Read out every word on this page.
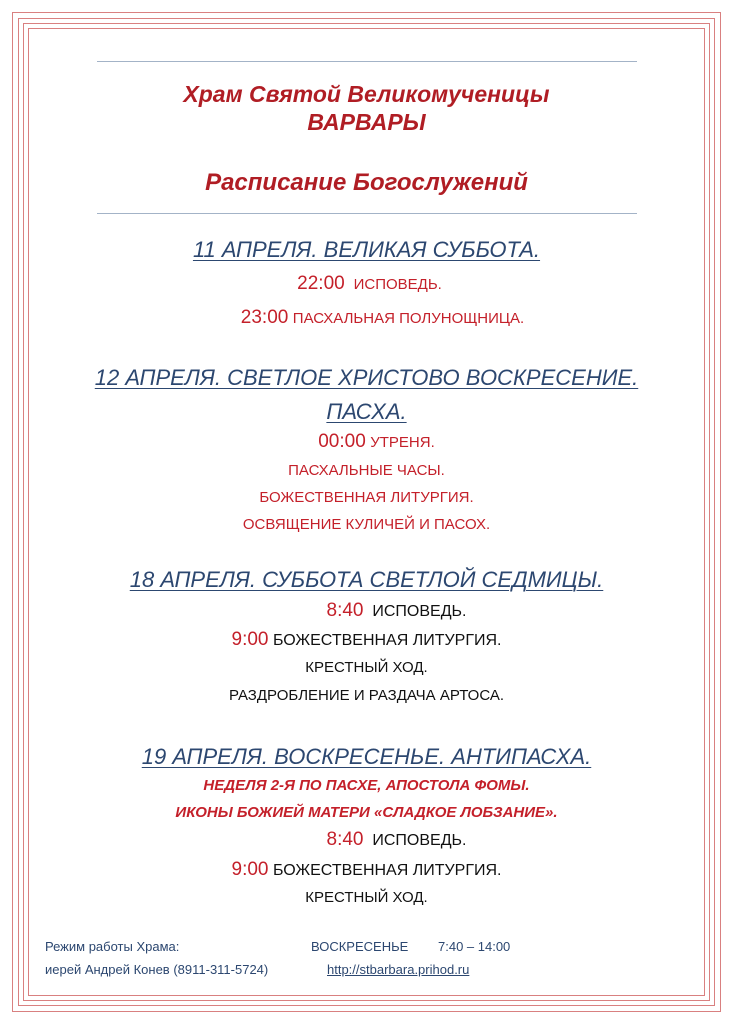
Храм Святой Великомученицы
ВАРВАРЫ
Расписание Богослужений
11 АПРЕЛЯ. ВЕЛИКАЯ СУББОТА.
22:00 ИСПОВЕДЬ.
23:00 ПАСХАЛЬНАЯ ПОЛУНОЩНИЦА.
12 АПРЕЛЯ. СВЕТЛОЕ ХРИСТОВО ВОСКРЕСЕНИЕ.
ПАСХА.
00:00 УТРЕНЯ.
ПАСХАЛЬНЫЕ ЧАСЫ.
БОЖЕСТВЕННАЯ ЛИТУРГИЯ.
ОСВЯЩЕНИЕ КУЛИЧЕЙ И ПАСОХ.
18 АПРЕЛЯ. СУББОТА СВЕТЛОЙ СЕДМИЦЫ.
8:40 ИСПОВЕДЬ.
9:00 БОЖЕСТВЕННАЯ ЛИТУРГИЯ.
КРЕСТНЫЙ ХОД.
РАЗДРОБЛЕНИЕ И РАЗДАЧА АРТОСА.
19 АПРЕЛЯ. ВОСКРЕСЕНЬЕ. АНТИПАСХА.
НЕДЕЛЯ 2-Я ПО ПАСХЕ, АПОСТОЛА ФОМЫ.
ИКОНЫ БОЖИЕЙ МАТЕРИ «СЛАДКОЕ ЛОБЗАНИЕ».
8:40 ИСПОВЕДЬ.
9:00 БОЖЕСТВЕННАЯ ЛИТУРГИЯ.
КРЕСТНЫЙ ХОД.
Режим работы Храма:	ВОСКРЕСЕНЬЕ 7:40 – 14:00
иерей Андрей Конев (8911-311-5724)	http://stbarbara.prihod.ru
